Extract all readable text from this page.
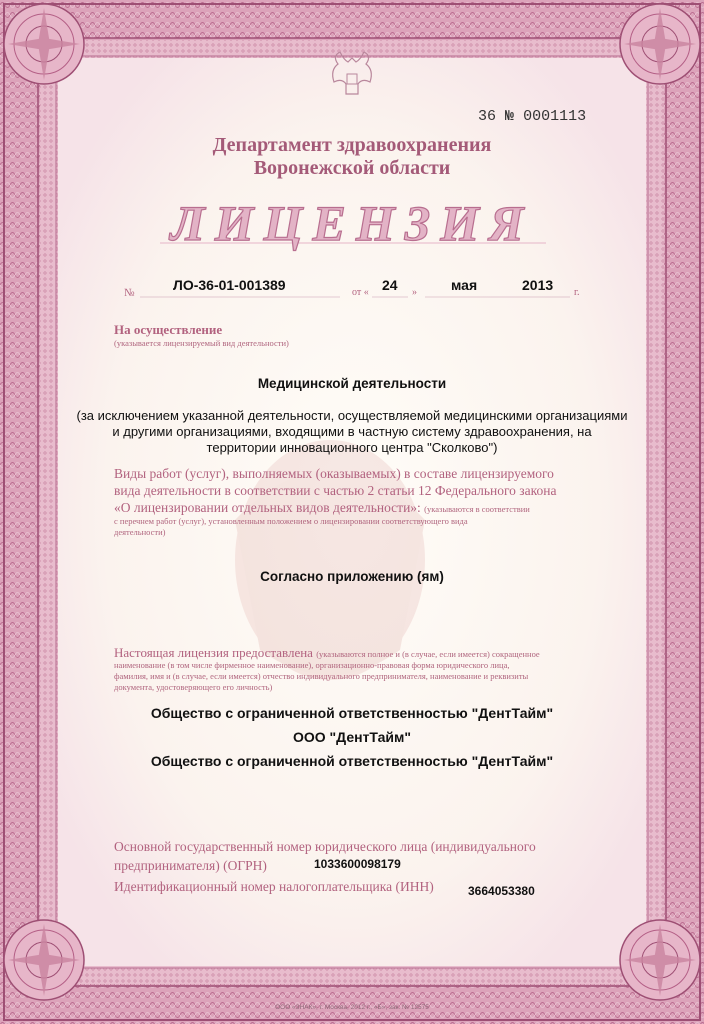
36 № 0001113
Департамент здравоохранения
Воронежской области
ЛИЦЕНЗИЯ
№	ЛО-36-01-001389	от « 24 » мая	2013 г.
На осуществление
(указывается лицензируемый вид деятельности)
Медицинской деятельности
(за исключением указанной деятельности, осуществляемой медицинскими организациями
и другими организациями, входящими в частную систему здравоохранения, на
территории инновационного центра "Сколково")
Виды работ (услуг), выполняемых (оказываемых) в составе лицензируемого
вида деятельности в соответствии с частью 2 статьи 12 Федерального закона
«О лицензировании отдельных видов деятельности»: (указываются в соответствии
с перечнем работ (услуг), установленным положением о лицензировании соответствующего вида
деятельности)
Согласно приложению (ям)
Настоящая лицензия предоставлена (указываются полное и (в случае, если имеется) сокращенное
наименование (в том числе фирменное наименование), организационно-правовая форма юридического лица,
фамилия, имя и (в случае, если имеется) отчество индивидуального предпринимателя, наименование и реквизиты
документа, удостоверяющего его личность)
Общество с ограниченной ответственностью "ДентТайм"
ООО "ДентТайм"
Общество с ограниченной ответственностью "ДентТайм"
Основной государственный номер юридического лица (индивидуального
предпринимателя) (ОГРН)	1033600098179
Идентификационный номер налогоплательщика (ИНН)	3664053380
ООО «ЗНАК», г. Москва, 2012 г., «Б», зак. № 12575
